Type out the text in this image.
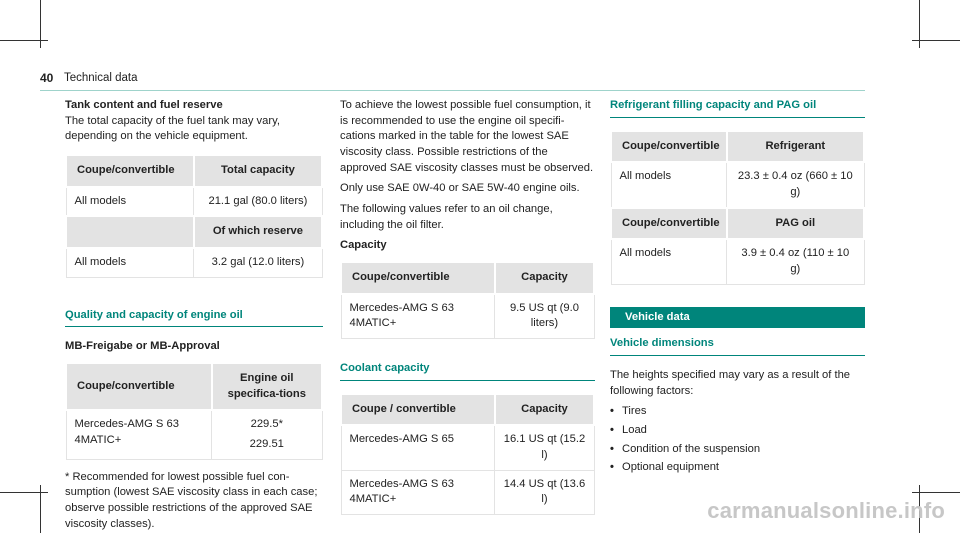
40 Technical data

Tank content and fuel reserve

The total capacity of the fuel tank may vary, depending on the vehicle equipment.

Coupe/convertible	Total capacity
All models	21.1 gal (80.0 liters)
	Of which reserve
All models	3.2 gal (12.0 liters)

Quality and capacity of engine oil

MB-Freigabe or MB-Approval

Coupe/convertible	Engine oil specifica-tions
Mercedes-AMG S 63 4MATIC+	229.5*
229.51

* Recommended for lowest possible fuel con-sumption (lowest SAE viscosity class in each case; observe possible restrictions of the approved SAE viscosity classes).

To achieve the lowest possible fuel consumption, it is recommended to use the engine oil specifi-cations marked in the table for the lowest SAE viscosity class. Possible restrictions of the approved SAE viscosity classes must be observed.

Only use SAE 0W-40 or SAE 5W-40 engine oils.

The following values refer to an oil change, including the oil filter.

Capacity

Coupe/convertible	Capacity
Mercedes-AMG S 63 4MATIC+	9.5 US qt (9.0 liters)

Coolant capacity

Coupe / convertible	Capacity
Mercedes-AMG S 65	16.1 US qt (15.2 l)
Mercedes-AMG S 63 4MATIC+	14.4 US qt (13.6 l)

Refrigerant filling capacity and PAG oil

Coupe/convertible	Refrigerant
All models	23.3 ± 0.4 oz (660 ± 10 g)
Coupe/convertible	PAG oil
All models	3.9 ± 0.4 oz (110 ± 10 g)
Vehicle data

Vehicle dimensions

The heights specified may vary as a result of the following factors:

• Tires
• Load
• Condition of the suspension
• Optional equipment
carmanualsonline.info
